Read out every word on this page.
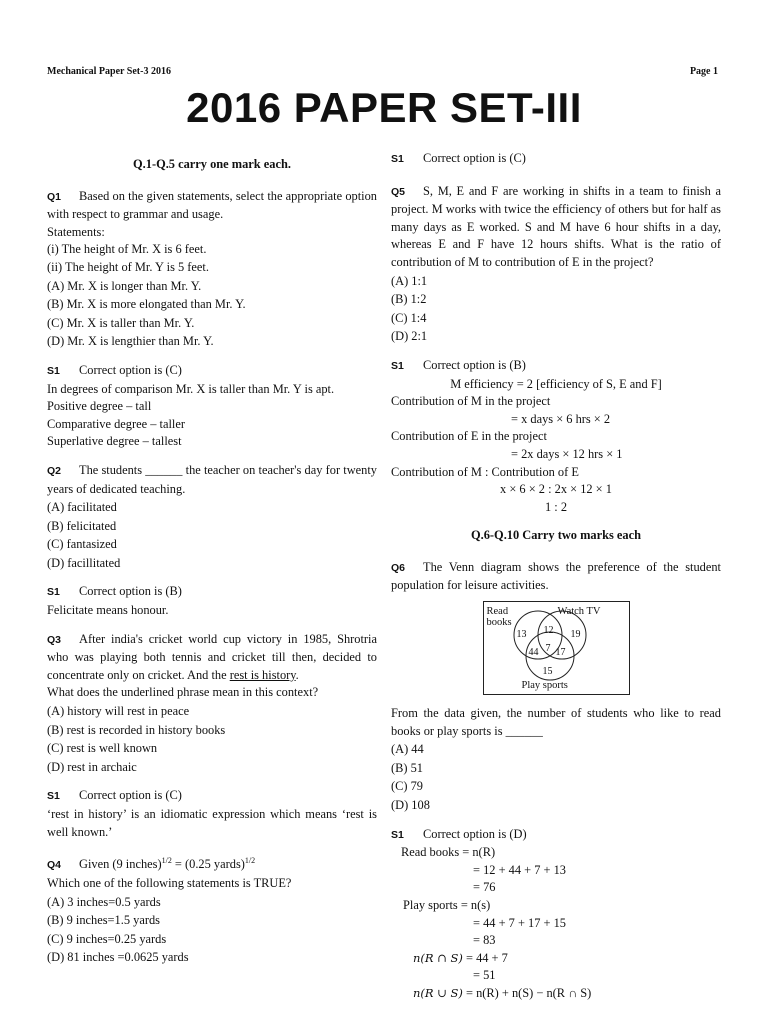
Mechanical Paper Set-3 2016	Page 1
2016 PAPER SET-III

Q.1-Q.5 carry one mark each.

Q1 Based on the given statements, select the appropriate option with respect to grammar and usage.

Statements:

(i) The height of Mr. X is 6 feet.

(ii) The height of Mr. Y is 5 feet.

(A) Mr. X is longer than Mr. Y.

(B) Mr. X is more elongated than Mr. Y.

(C) Mr. X is taller than Mr. Y.

(D) Mr. X is lengthier than Mr. Y.

S1 Correct option is (C)

In degrees of comparison Mr. X is taller than Mr. Y is apt.

Positive degree – tall

Comparative degree – taller

Superlative degree – tallest

Q2 The students ______ the teacher on teacher's day for twenty years of dedicated teaching.

(A) facilitated

(B) felicitated

(C) fantasized

(D) facillitated

S1 Correct option is (B)

Felicitate means honour.

Q3 After india's cricket world cup victory in 1985, Shrotria who was playing both tennis and cricket till then, decided to concentrate only on cricket. And the rest is history.

What does the underlined phrase mean in this context?

(A) history will rest in peace

(B) rest is recorded in history books

(C) rest is well known

(D) rest in archaic

S1 Correct option is (C)

‘rest in history’ is an idiomatic expression which means ‘rest is well known.’

Q4 Given (9 inches)$^{1/2}$ = (0.25 yards)$^{1/2}$

Which one of the following statements is TRUE?

(A) 3 inches=0.5 yards

(B) 9 inches=1.5 yards

(C) 9 inches=0.25 yards

(D) 81 inches =0.0625 yards

S1 Correct option is (C)

Q5 S, M, E and F are working in shifts in a team to finish a project. M works with twice the efficiency of others but for half as many days as E worked. S and M have 6 hour shifts in a day, whereas E and F have 12 hours shifts. What is the ratio of contribution of M to contribution of E in the project?

(A) 1:1

(B) 1:2

(C) 1:4

(D) 2:1

S1 Correct option is (B)

M efficiency = 2 [efficiency of S, E and F]

Contribution of M in the project

= x days × 6 hrs × 2

Contribution of E in the project

= 2x days × 12 hrs × 1

Contribution of M : Contribution of E

x × 6 × 2 : 2x × 12 × 1

1 : 2

Q.6-Q.10 Carry two marks each

Q6 The Venn diagram shows the preference of the student population for leisure activities.

Read
books
Watch TV
Play sports
13 12 19
44 7 17
15

From the data given, the number of students who like to read books or play sports is ______

(A) 44

(B) 51

(C) 79

(D) 108

S1 Correct option is (D)

Read books = n(R)

= 12 + 44 + 7 + 13

= 76

Play sports = n(s)

= 44 + 7 + 17 + 15

= 83

n(R ∩ S) = 44 + 7

= 51

n(R ∪ S) = n(R) + n(S) − n(R ∩ S)
